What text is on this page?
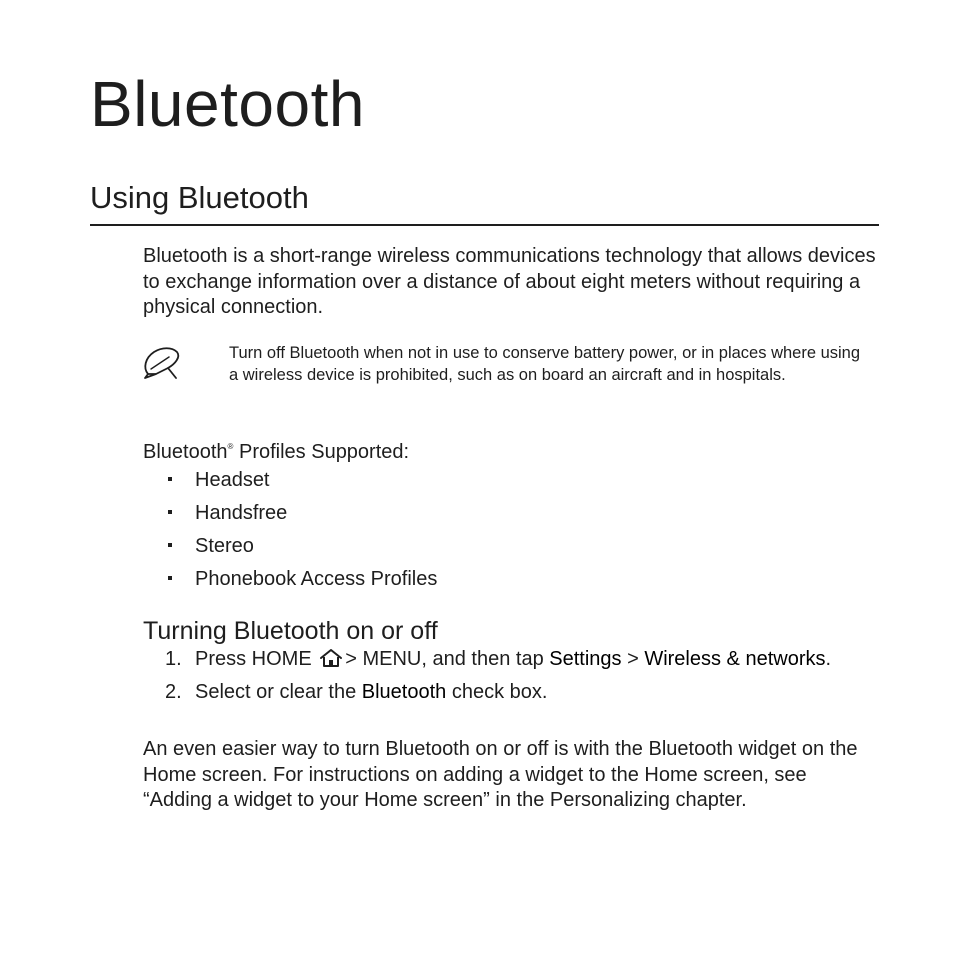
Bluetooth
Using Bluetooth

Bluetooth is a short-range wireless communications technology that allows devices to exchange information over a distance of about eight meters without requiring a physical connection.

Turn off Bluetooth when not in use to conserve battery power, or in places where using a wireless device is prohibited, such as on board an aircraft and in hospitals.

Bluetooth® Profiles Supported:

Headset
Handsfree
Stereo
Phonebook Access Profiles
Turning Bluetooth on or off
1. Press HOME > MENU, and then tap Settings > Wireless & networks.
2. Select or clear the Bluetooth check box.

An even easier way to turn Bluetooth on or off is with the Bluetooth widget on the Home screen. For instructions on adding a widget to the Home screen, see “Adding a widget to your Home screen” in the Personalizing chapter.
